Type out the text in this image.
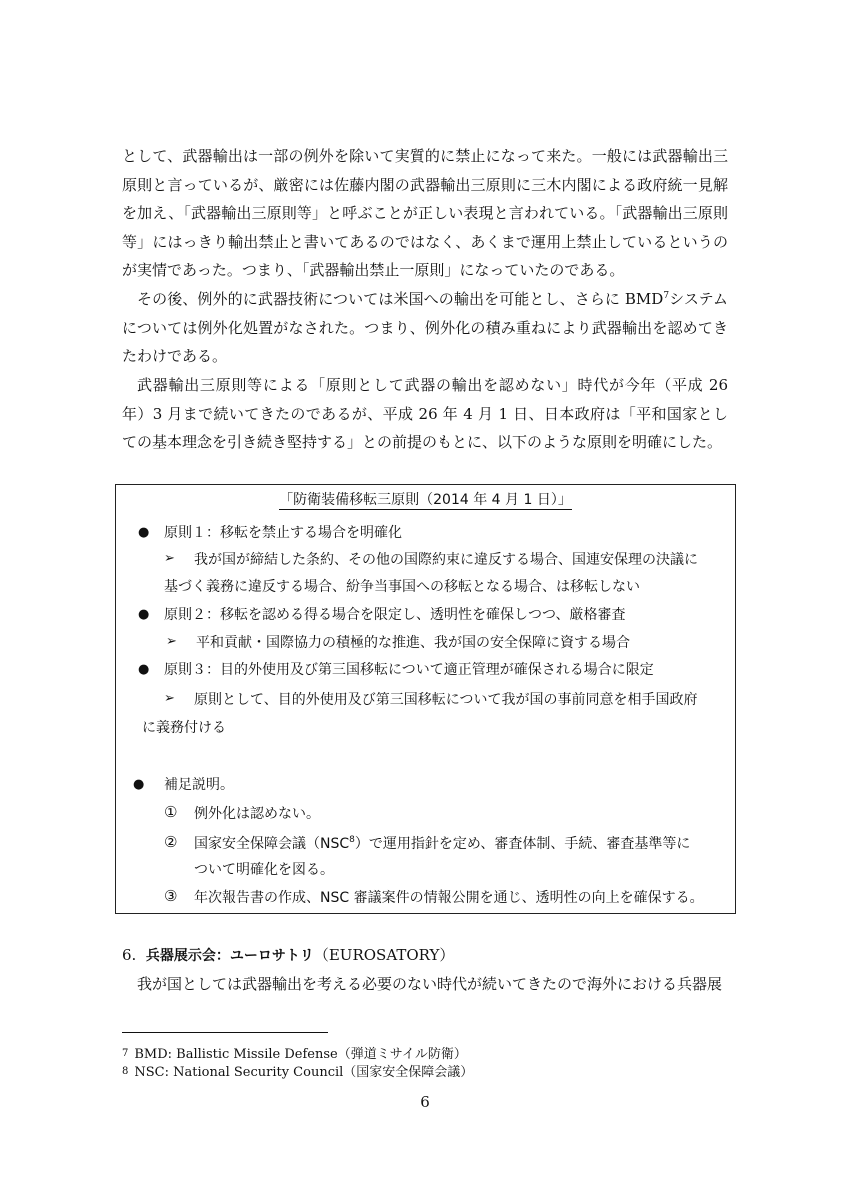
として、武器輸出は一部の例外を除いて実質的に禁止になって来た。一般には武器輸出三原則と言っているが、厳密には佐藤内閣の武器輸出三原則に三木内閣による政府統一見解を加え、「武器輸出三原則等」と呼ぶことが正しい表現と言われている。「武器輸出三原則等」にはっきり輸出禁止と書いてあるのではなく、あくまで運用上禁止しているというのが実情であった。つまり、「武器輸出禁止一原則」になっていたのである。

その後、例外的に武器技術については米国への輸出を可能とし、さらに BMD$^7$システムについては例外化処置がなされた。つまり、例外化の積み重ねにより武器輸出を認めてきたわけである。

武器輸出三原則等による「原則として武器の輸出を認めない」時代が今年（平成 26 年）3 月まで続いてきたのであるが、平成 26 年 4 月 1 日、日本政府は「平和国家としての基本理念を引き続き堅持する」との前提のもとに、以下のような原則を明確にした。

「防衛装備移転三原則（2014 年 4 月 1 日）」
● 原則１：移転を禁止する場合を明確化
➢ 我が国が締結した条約、その他の国際約束に違反する場合、国連安保理の決議に
基づく義務に違反する場合、紛争当事国への移転となる場合、は移転しない
● 原則２：移転を認める得る場合を限定し、透明性を確保しつつ、厳格審査
➢ 平和貢献・国際協力の積極的な推進、我が国の安全保障に資する場合
● 原則３：目的外使用及び第三国移転について適正管理が確保される場合に限定
➢ 原則として、目的外使用及び第三国移転について我が国の事前同意を相手国政府
に義務付ける
● 補足説明。
① 例外化は認めない。
② 国家安全保障会議（NSC$^8$）で運用指針を定め、審査体制、手続、審査基準等に
ついて明確化を図る。
③ 年次報告書の作成、NSC 審議案件の情報公開を通じ、透明性の向上を確保する。
6. 兵器展示会：ユーロサトリ（EUROSATORY）

我が国としては武器輸出を考える必要のない時代が続いてきたので海外における兵器展

7 BMD: Ballistic Missile Defense（弾道ミサイル防衛）
8 NSC: National Security Council（国家安全保障会議）
6
